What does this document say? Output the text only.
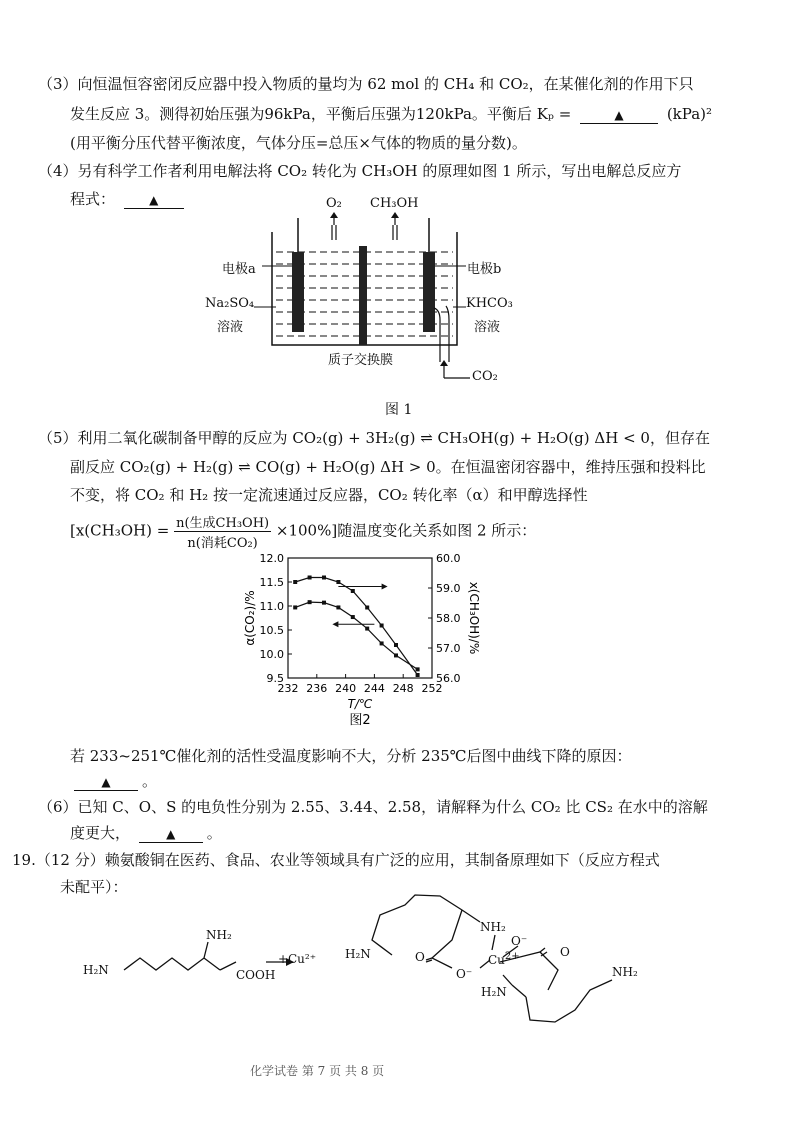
（3）向恒温恒容密闭反应器中投入物质的量均为 62 mol 的 CH₄ 和 CO₂，在某催化剂的作用下只
发生反应 3。测得初始压强为96kPa，平衡后压强为120kPa。平衡后 Kₚ =	▲	(kPa)²
(用平衡分压代替平衡浓度，气体分压=总压×气体的物质的量分数)。
（4）另有科学工作者利用电解法将 CO₂ 转化为 CH₃OH 的原理如图 1 所示，写出电解总反应方
程式：	▲	O₂ CH₃OH
电极a	电极b
Na₂SO₄
溶液
KHCO₃
溶液
质子交换膜
CO₂
图 1
（5）利用二氧化碳制备甲醇的反应为 CO₂(g) + 3H₂(g) ⇌ CH₃OH(g) + H₂O(g) ΔH < 0，但存在
副反应 CO₂(g) + H₂(g) ⇌ CO(g) + H₂O(g) ΔH > 0。在恒温密闭容器中，维持压强和投料比
不变，将 CO₂ 和 H₂ 按一定流速通过反应器，CO₂ 转化率（α）和甲醇选择性
$[x(CH_3OH) = \frac{\text{n(生成CH₃OH)}}{\text{n(消耗CO₂)}} \times 100\%]$随温度变化关系如图 2 所示：
232 236 240 244 248 252
9.5
10.0
10.5
11.0
11.5
12.0
56.0
57.0
58.0
59.0
60.0
T/℃
α(CO₂)/%	x(CH₃OH)/%
图2
若 233~251℃催化剂的活性受温度影响不大，分析 235℃后图中曲线下降的原因：
▲ 。
（6）已知 C、O、S 的电负性分别为 2.55、3.44、2.58，请解释为什么 CO₂ 比 CS₂ 在水中的溶解
度更大，	▲ 。
19.（12 分）赖氨酸铜在医药、食品、农业等领域具有广泛的应用，其制备原理如下（反应方程式
未配平）：
H₂N
NH₂
COOH
+ Cu²⁺ H₂N
NH₂
O
O⁻
$Cu^{2+}$
O⁻
O
H₂N
NH₂
化学试卷 第 7 页 共 8 页
